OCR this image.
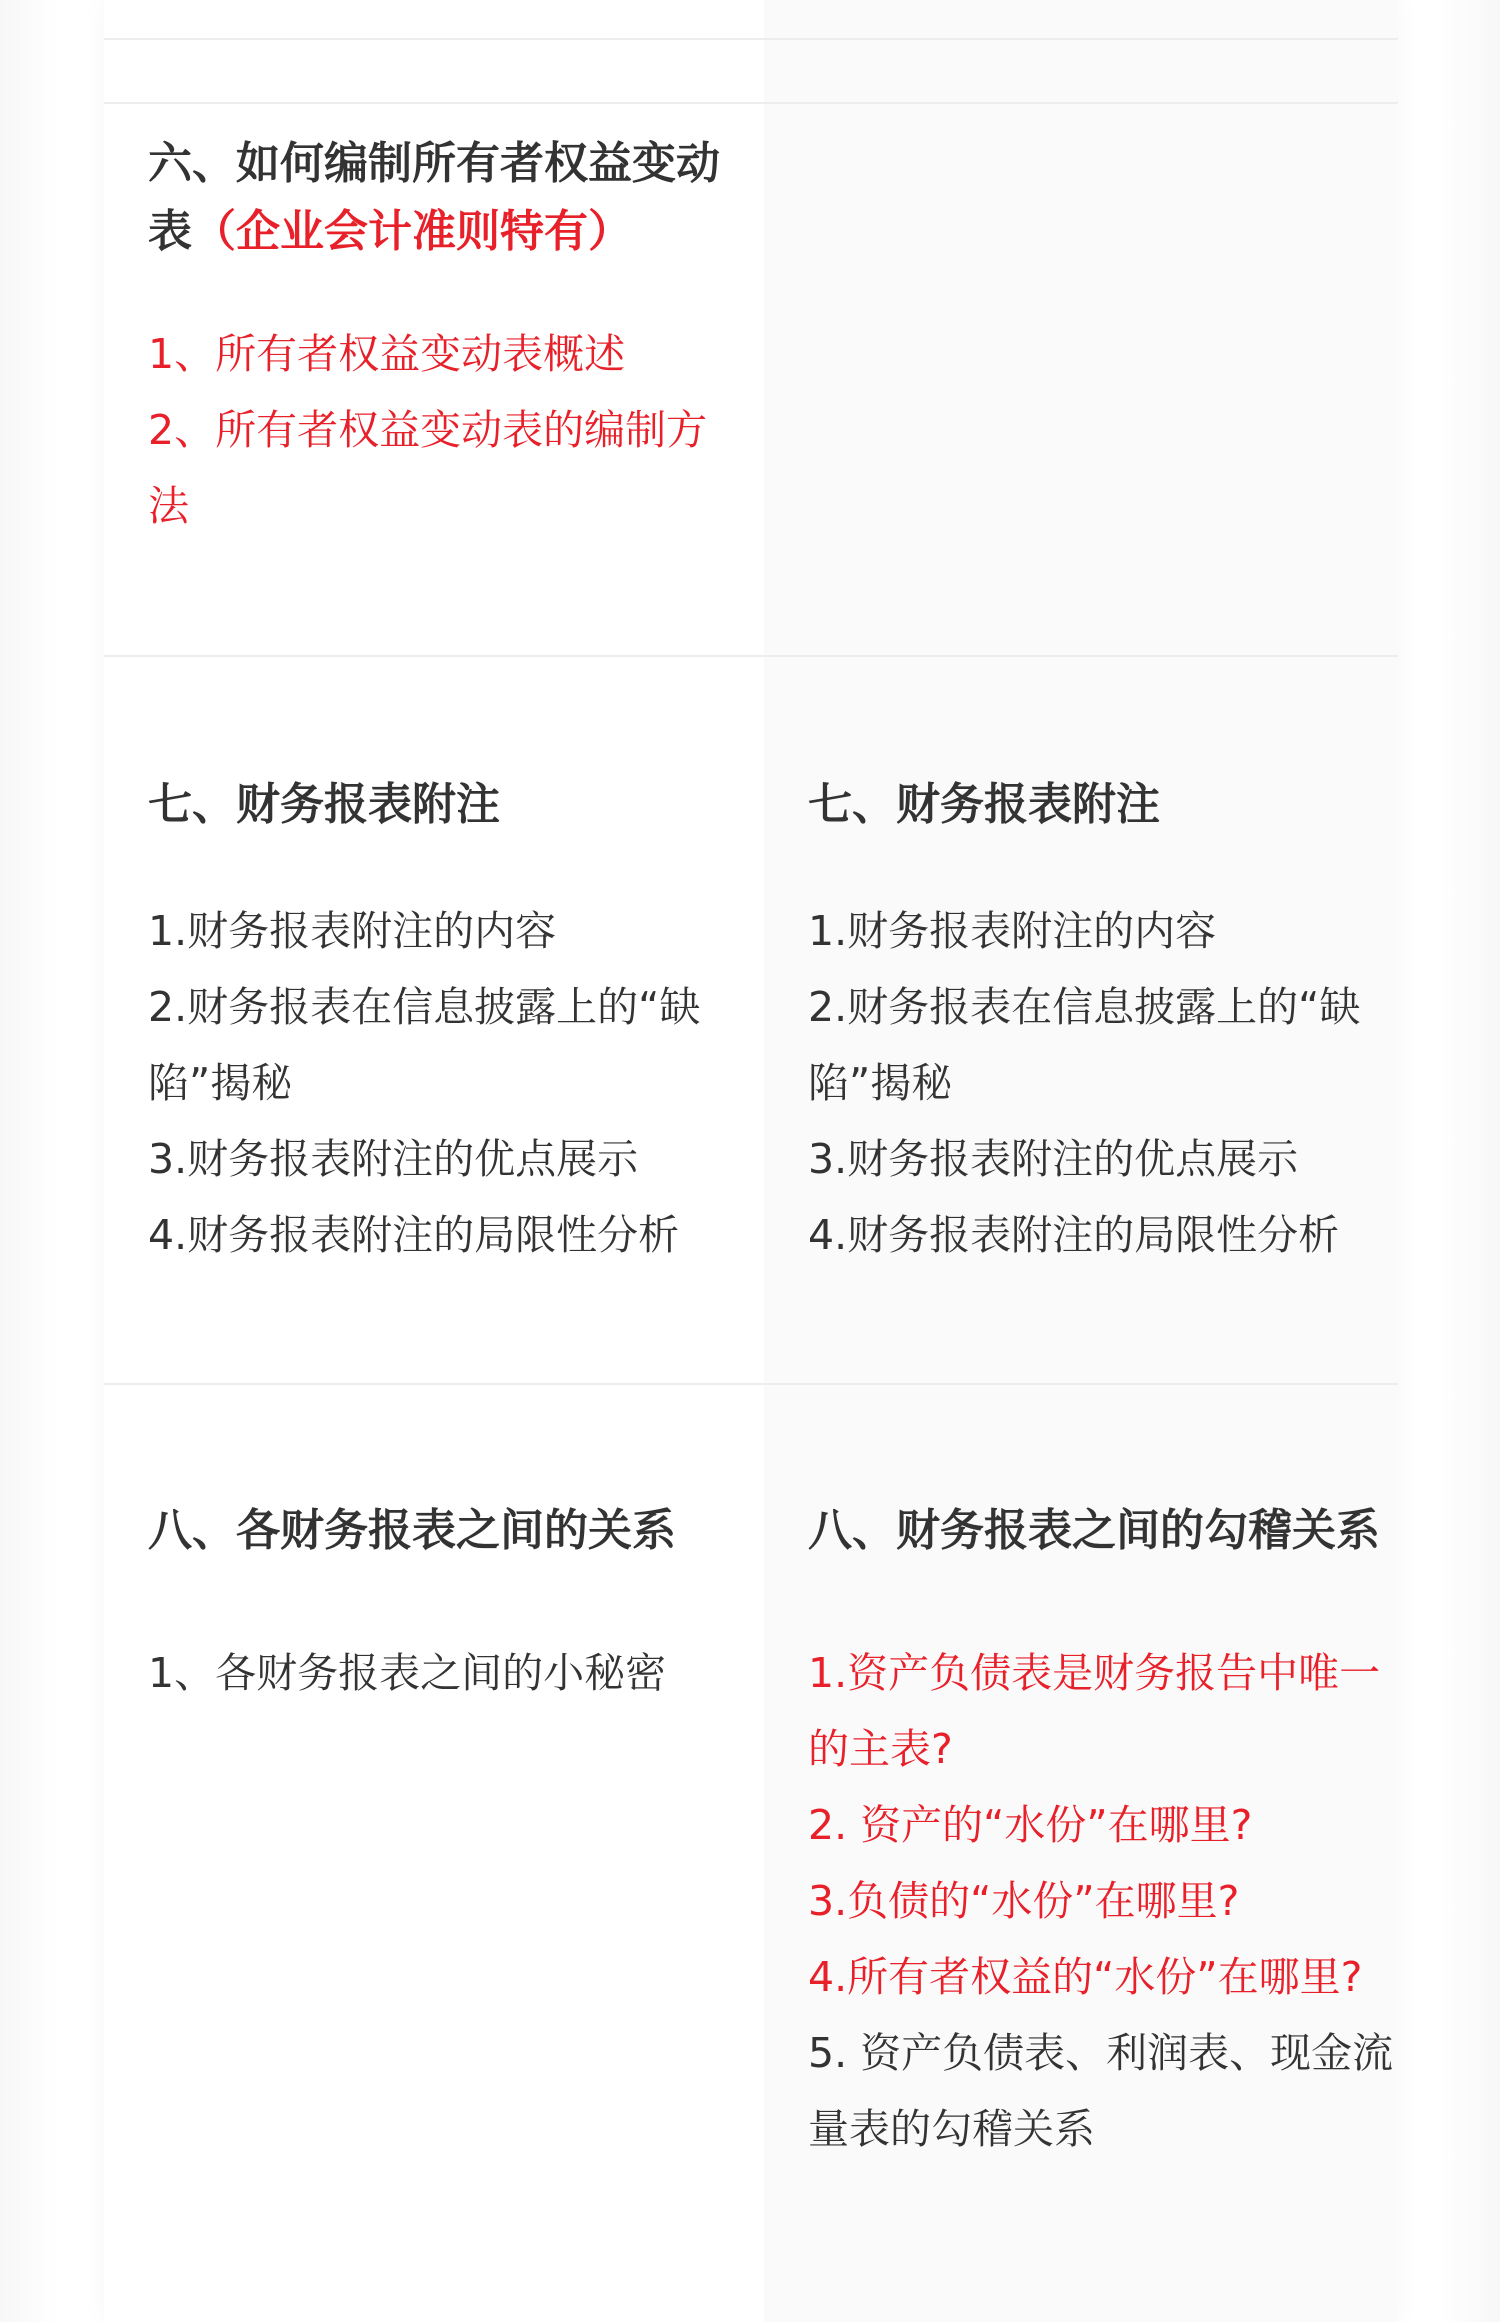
六、如何编制所有者权益变动表（企业会计准则特有）
1、所有者权益变动表概述
2、所有者权益变动表的编制方法
七、财务报表附注
1.财务报表附注的内容
2.财务报表在信息披露上的“缺陷”揭秘
3.财务报表附注的优点展示
4.财务报表附注的局限性分析
七、财务报表附注
1.财务报表附注的内容
2.财务报表在信息披露上的“缺陷”揭秘
3.财务报表附注的优点展示
4.财务报表附注的局限性分析
八、各财务报表之间的关系
1、各财务报表之间的小秘密
八、财务报表之间的勾稽关系
1.资产负债表是财务报告中唯一的主表?
2. 资产的“水份”在哪里?
3.负债的“水份”在哪里?
4.所有者权益的“水份”在哪里?
5. 资产负债表、利润表、现金流量表的勾稽关系
